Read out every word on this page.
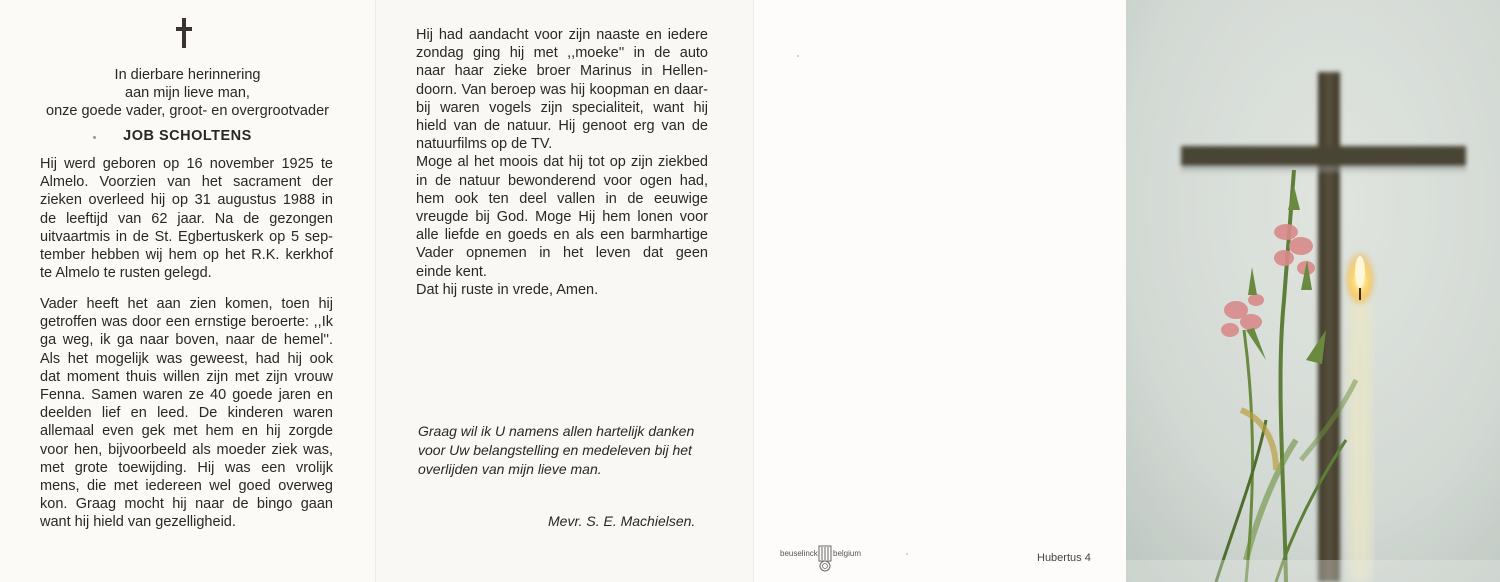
In dierbare herinnering
aan mijn lieve man,
onze goede vader, groot- en overgrootvader
JOB SCHOLTENS
Hij werd geboren op 16 november 1925 te
Almelo. Voorzien van het sacrament der
zieken overleed hij op 31 augustus 1988 in
de leeftijd van 62 jaar. Na de gezongen
uitvaartmis in de St. Egbertuskerk op 5 sep-
tember hebben wij hem op het R.K. kerkhof
te Almelo te rusten gelegd.
Vader heeft het aan zien komen, toen hij
getroffen was door een ernstige beroerte: ,,Ik
ga weg, ik ga naar boven, naar de hemel''.
Als het mogelijk was geweest, had hij ook
dat moment thuis willen zijn met zijn vrouw
Fenna. Samen waren ze 40 goede jaren en
deelden lief en leed. De kinderen waren
allemaal even gek met hem en hij zorgde
voor hen, bijvoorbeeld als moeder ziek was,
met grote toewijding. Hij was een vrolijk
mens, die met iedereen wel goed overweg
kon. Graag mocht hij naar de bingo gaan
want hij hield van gezelligheid.
Hij had aandacht voor zijn naaste en iedere
zondag ging hij met ,,moeke'' in de auto
naar haar zieke broer Marinus in Hellen-
doorn. Van beroep was hij koopman en daar-
bij waren vogels zijn specialiteit, want hij
hield van de natuur. Hij genoot erg van de
natuurfilms op de TV.
Moge al het moois dat hij tot op zijn ziekbed
in de natuur bewonderend voor ogen had,
hem ook ten deel vallen in de eeuwige
vreugde bij God. Moge Hij hem lonen voor
alle liefde en goeds en als een barmhartige
Vader opnemen in het leven dat geen
einde kent.
Dat hij ruste in vrede, Amen.
Graag wil ik U namens allen hartelijk danken
voor Uw belangstelling en medeleven bij het
overlijden van mijn lieve man.
Mevr. S. E. Machielsen.
beuselinck belgium	Hubertus 4
